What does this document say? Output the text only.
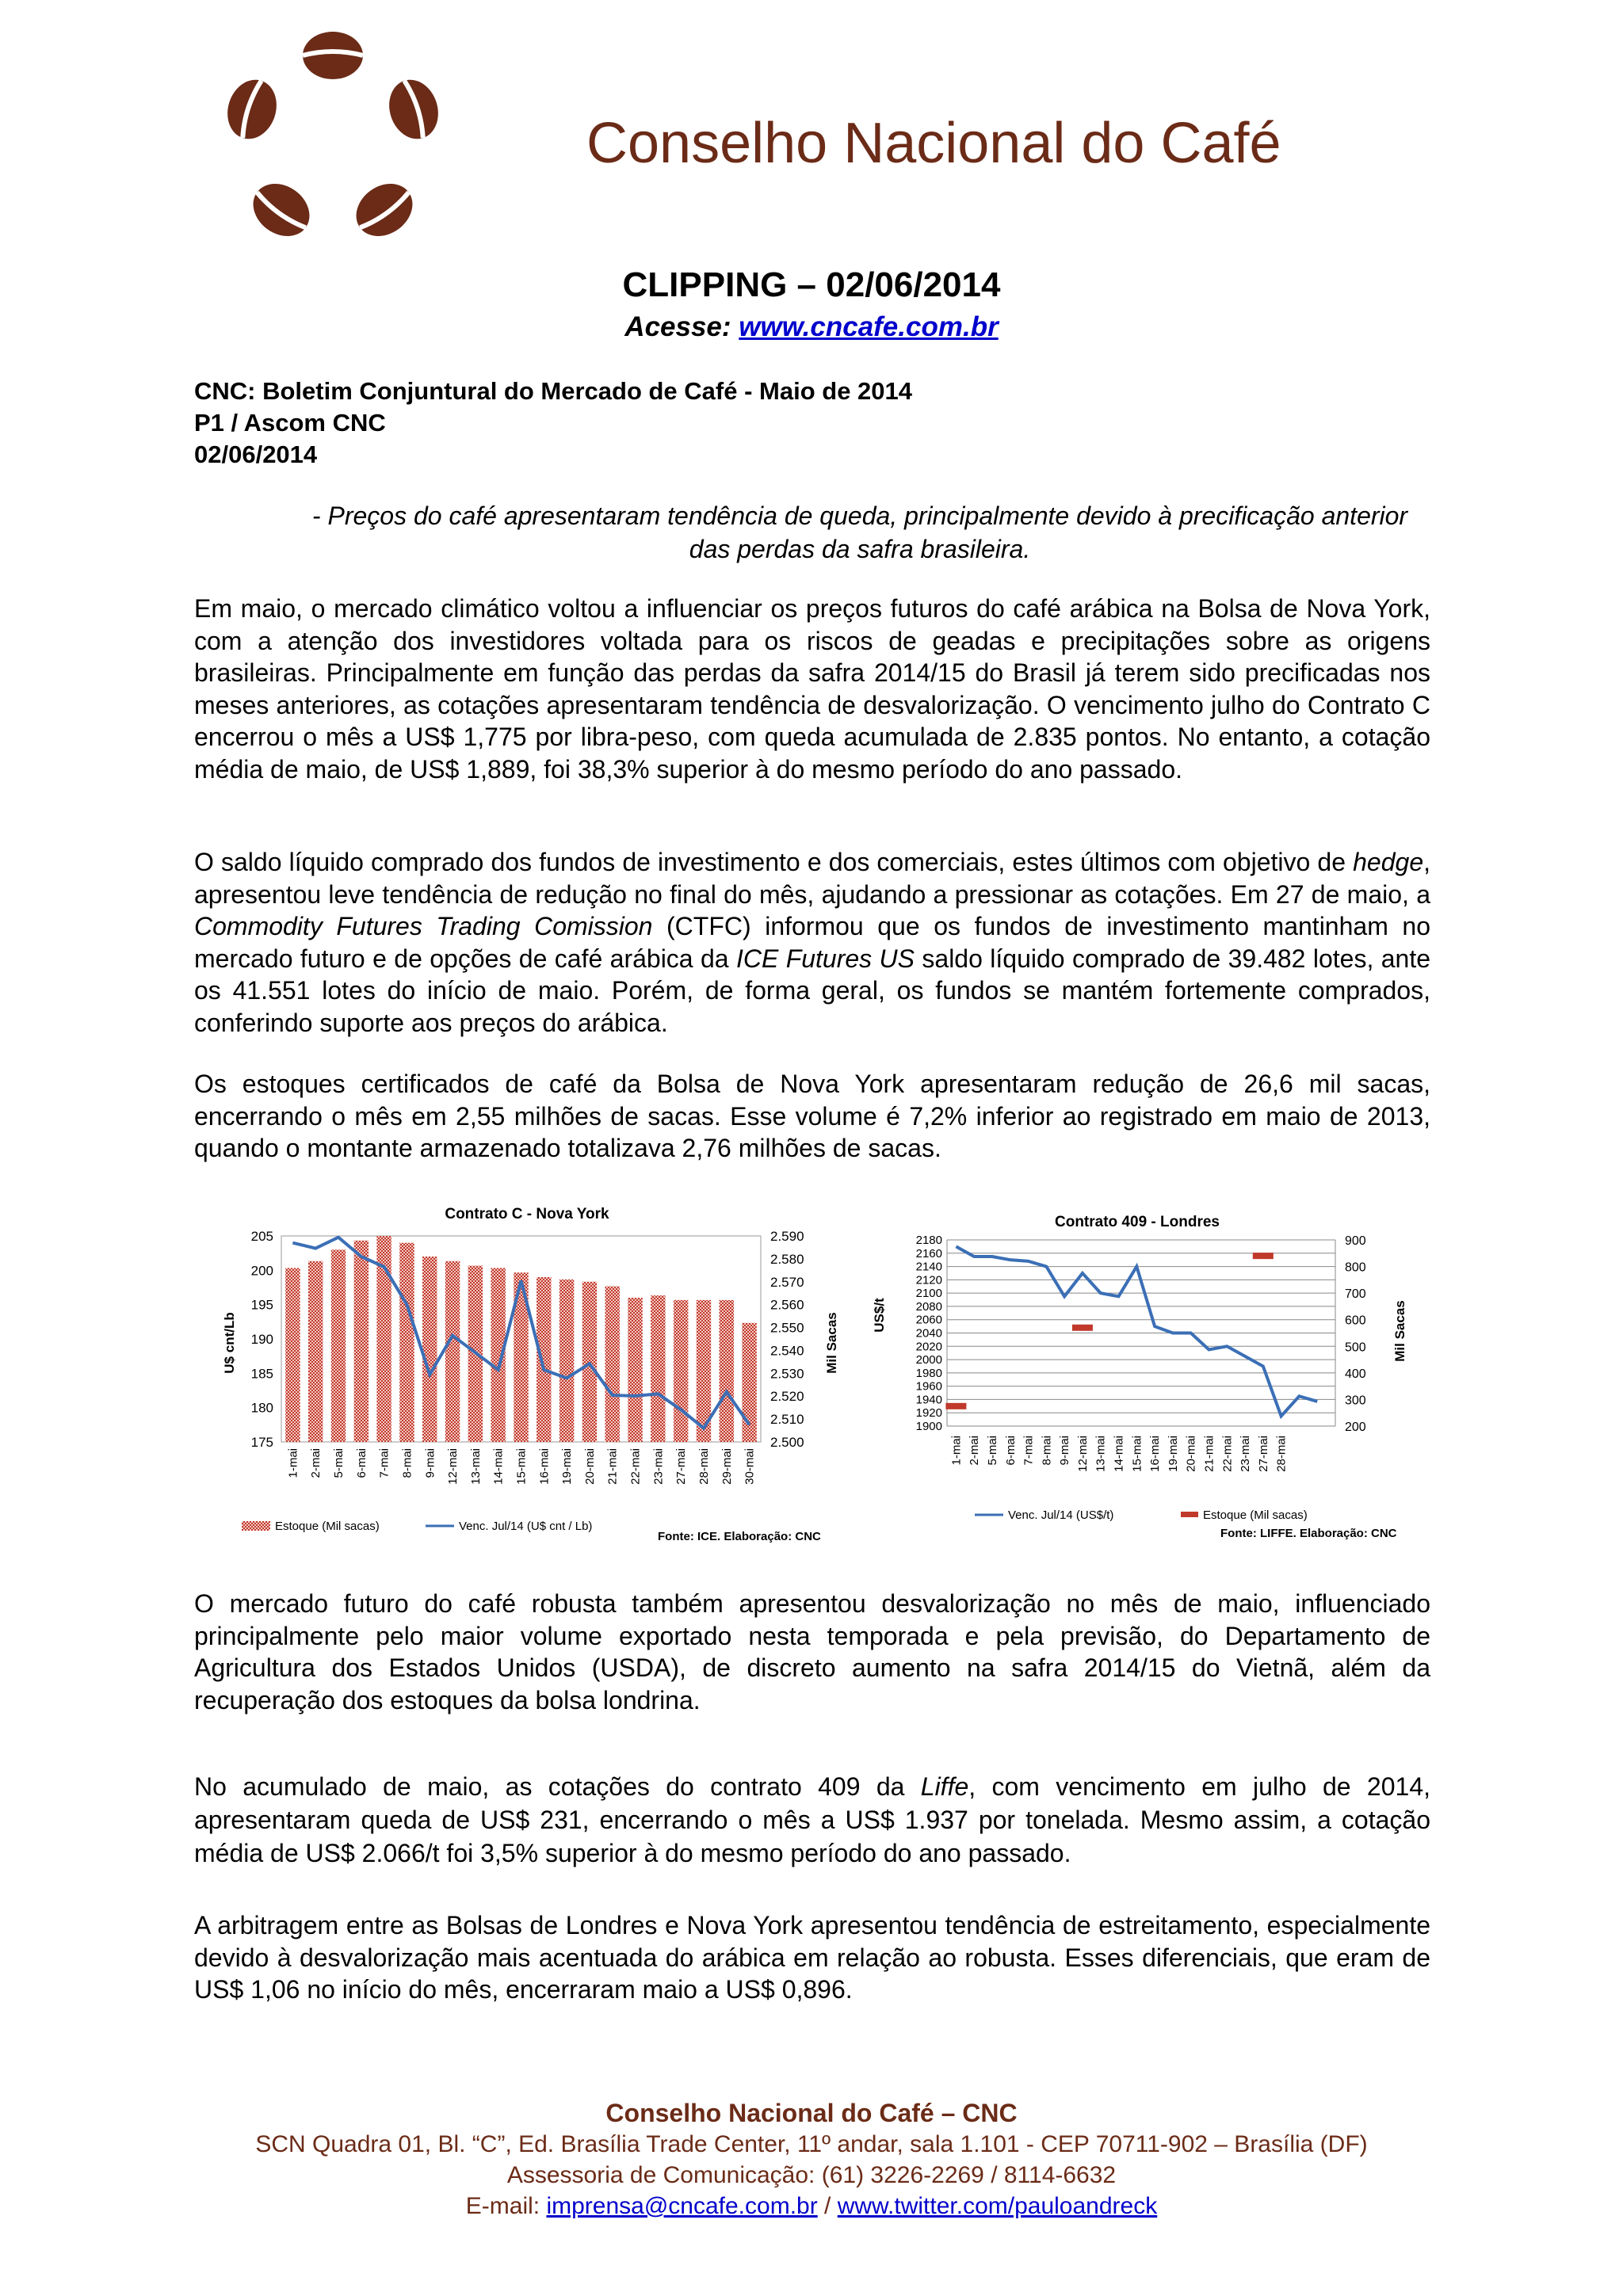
Conselho Nacional do Café
CLIPPING – 02/06/2014
Acesse: www.cncafe.com.br
CNC: Boletim Conjuntural do Mercado de Café - Maio de 2014
P1 / Ascom CNC
02/06/2014
- Preços do café apresentaram tendência de queda, principalmente devido à precificação anterior das perdas da safra brasileira.
Em maio, o mercado climático voltou a influenciar os preços futuros do café arábica na Bolsa de Nova York, com a atenção dos investidores voltada para os riscos de geadas e precipitações sobre as origens brasileiras. Principalmente em função das perdas da safra 2014/15 do Brasil já terem sido precificadas nos meses anteriores, as cotações apresentaram tendência de desvalorização. O vencimento julho do Contrato C encerrou o mês a US$ 1,775 por libra-peso, com queda acumulada de 2.835 pontos. No entanto, a cotação média de maio, de US$ 1,889, foi 38,3% superior à do mesmo período do ano passado.
O saldo líquido comprado dos fundos de investimento e dos comerciais, estes últimos com objetivo de hedge, apresentou leve tendência de redução no final do mês, ajudando a pressionar as cotações. Em 27 de maio, a Commodity Futures Trading Comission (CTFC) informou que os fundos de investimento mantinham no mercado futuro e de opções de café arábica da ICE Futures US saldo líquido comprado de 39.482 lotes, ante os 41.551 lotes do início de maio. Porém, de forma geral, os fundos se mantém fortemente comprados, conferindo suporte aos preços do arábica.
Os estoques certificados de café da Bolsa de Nova York apresentaram redução de 26,6 mil sacas, encerrando o mês em 2,55 milhões de sacas. Esse volume é 7,2% inferior ao registrado em maio de 2013, quando o montante armazenado totalizava 2,76 milhões de sacas.
Contrato C - Nova York
175
180
185
190
195
200
205
2.500
2.510
2.520
2.530
2.540
2.550
2.560
2.570
2.580
2.590
1-mai 2-mai 5-mai 6-mai 7-mai 8-mai 9-mai 12-mai 13-mai 14-mai 15-mai 16-mai 19-mai 20-mai 21-mai 22-mai 23-mai 27-mai 28-mai 29-mai 30-mai
U$ cnt/Lb	Mil Sacas
Estoque (Mil sacas)	Venc. Jul/14 (U$ cnt / Lb)
Fonte: ICE. Elaboração: CNC
Contrato 409 - Londres
1900
1920
1940
1960
1980
2000
2020
2040
2060
2080
2100
2120
2140
2160
2180
200
300
400
500
600
700
800
900
1-mai 2-mai 5-mai 6-mai 7-mai 8-mai 9-mai 12-mai 13-mai 14-mai 15-mai 16-mai 19-mai 20-mai 21-mai 22-mai 23-mai 27-mai 28-mai
US$/t	Mil Sacas
Venc. Jul/14 (US$/t)	Estoque (Mil sacas)
Fonte: LIFFE. Elaboração: CNC
O mercado futuro do café robusta também apresentou desvalorização no mês de maio, influenciado principalmente pelo maior volume exportado nesta temporada e pela previsão, do Departamento de Agricultura dos Estados Unidos (USDA), de discreto aumento na safra 2014/15 do Vietnã, além da recuperação dos estoques da bolsa londrina.
No acumulado de maio, as cotações do contrato 409 da Liffe, com vencimento em julho de 2014, apresentaram queda de US$ 231, encerrando o mês a US$ 1.937 por tonelada. Mesmo assim, a cotação média de US$ 2.066/t foi 3,5% superior à do mesmo período do ano passado.
A arbitragem entre as Bolsas de Londres e Nova York apresentou tendência de estreitamento, especialmente devido à desvalorização mais acentuada do arábica em relação ao robusta. Esses diferenciais, que eram de US$ 1,06 no início do mês, encerraram maio a US$ 0,896.
Conselho Nacional do Café – CNC
SCN Quadra 01, Bl. “C”, Ed. Brasília Trade Center, 11º andar, sala 1.101 - CEP 70711-902 – Brasília (DF)
Assessoria de Comunicação: (61) 3226-2269 / 8114-6632
E-mail: imprensa@cncafe.com.br / www.twitter.com/pauloandreck
